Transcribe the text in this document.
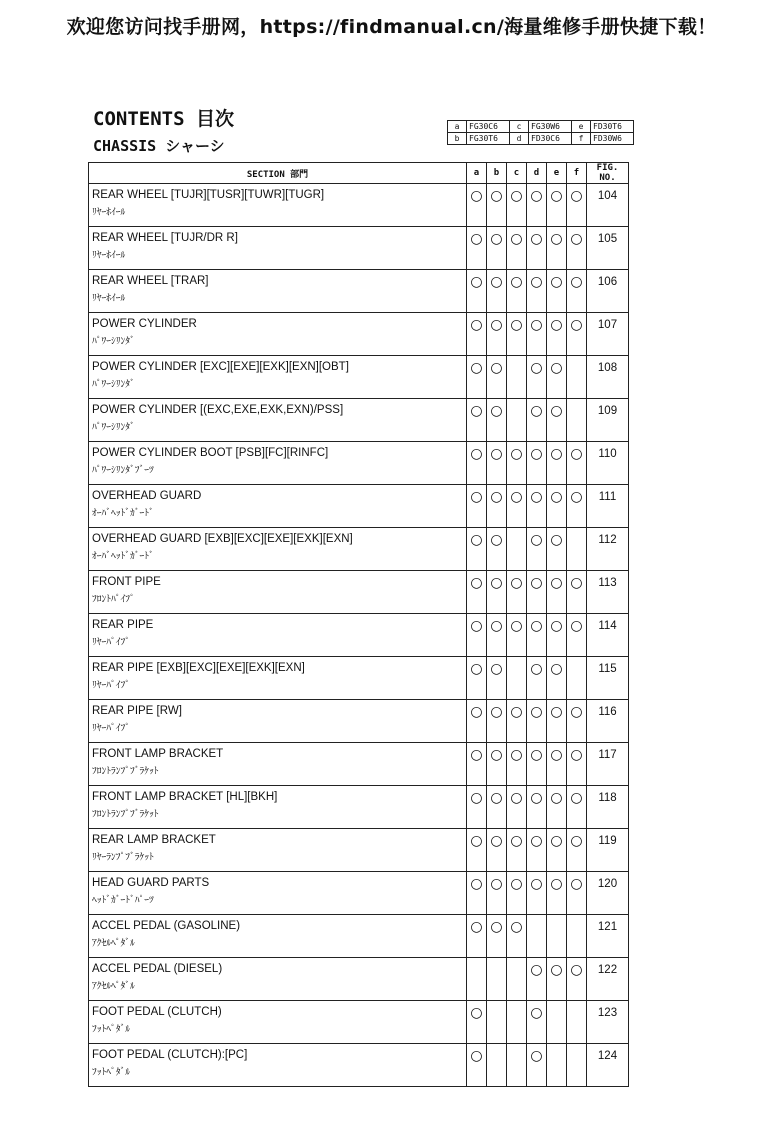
欢迎您访问找手册网，https://findmanual.cn/海量维修手册快捷下载！
CONTENTS 目次
CHASSIS シャーシ
a	FG30C6	c	FG30W6	e	FD30T6
b	FG30T6	d	FD30C6	f	FD30W6
SECTION 部門	a	b	c	d	e	f	FIG. NO.

REAR WHEEL [TUJR][TUSR][TUWR][TUGR]
ﾘﾔｰﾎｲｰﾙ	○	○	○	○	○	○	104

REAR WHEEL [TUJR/DR R]
ﾘﾔｰﾎｲｰﾙ	○	○	○	○	○	○	105

REAR WHEEL [TRAR]
ﾘﾔｰﾎｲｰﾙ	○	○	○	○	○	○	106

POWER CYLINDER
ﾊﾟﾜｰｼﾘﾝﾀﾞ	○	○	○	○	○	○	107

POWER CYLINDER [EXC][EXE][EXK][EXN][OBT]
ﾊﾟﾜｰｼﾘﾝﾀﾞ	○	○		○	○		108

POWER CYLINDER [(EXC,EXE,EXK,EXN)/PSS]
ﾊﾟﾜｰｼﾘﾝﾀﾞ	○	○		○	○		109

POWER CYLINDER BOOT [PSB][FC][RINFC]
ﾊﾟﾜｰｼﾘﾝﾀﾞﾌﾞｰﾂ	○	○	○	○	○	○	110

OVERHEAD GUARD
ｵｰﾊﾞﾍｯﾄﾞｶﾞｰﾄﾞ	○	○	○	○	○	○	111

OVERHEAD GUARD [EXB][EXC][EXE][EXK][EXN]
ｵｰﾊﾞﾍｯﾄﾞｶﾞｰﾄﾞ	○	○		○	○		112

FRONT PIPE
ﾌﾛﾝﾄﾊﾟｲﾌﾟ	○	○	○	○	○	○	113

REAR PIPE
ﾘﾔｰﾊﾟｲﾌﾟ	○	○	○	○	○	○	114

REAR PIPE [EXB][EXC][EXE][EXK][EXN]
ﾘﾔｰﾊﾟｲﾌﾟ	○	○		○	○		115

REAR PIPE [RW]
ﾘﾔｰﾊﾟｲﾌﾟ	○	○	○	○	○	○	116

FRONT LAMP BRACKET
ﾌﾛﾝﾄﾗﾝﾌﾟﾌﾞﾗｹｯﾄ	○	○	○	○	○	○	117

FRONT LAMP BRACKET [HL][BKH]
ﾌﾛﾝﾄﾗﾝﾌﾟﾌﾞﾗｹｯﾄ	○	○	○	○	○	○	118

REAR LAMP BRACKET
ﾘﾔｰﾗﾝﾌﾟﾌﾞﾗｹｯﾄ	○	○	○	○	○	○	119

HEAD GUARD PARTS
ﾍｯﾄﾞｶﾞｰﾄﾞﾊﾟｰﾂ	○	○	○	○	○	○	120

ACCEL PEDAL (GASOLINE)
ｱｸｾﾙﾍﾟﾀﾞﾙ	○	○	○				121

ACCEL PEDAL (DIESEL)
ｱｸｾﾙﾍﾟﾀﾞﾙ				○	○	○	122

FOOT PEDAL (CLUTCH)
ﾌｯﾄﾍﾟﾀﾞﾙ	○			○			123

FOOT PEDAL (CLUTCH):[PC]
ﾌｯﾄﾍﾟﾀﾞﾙ	○			○			124
